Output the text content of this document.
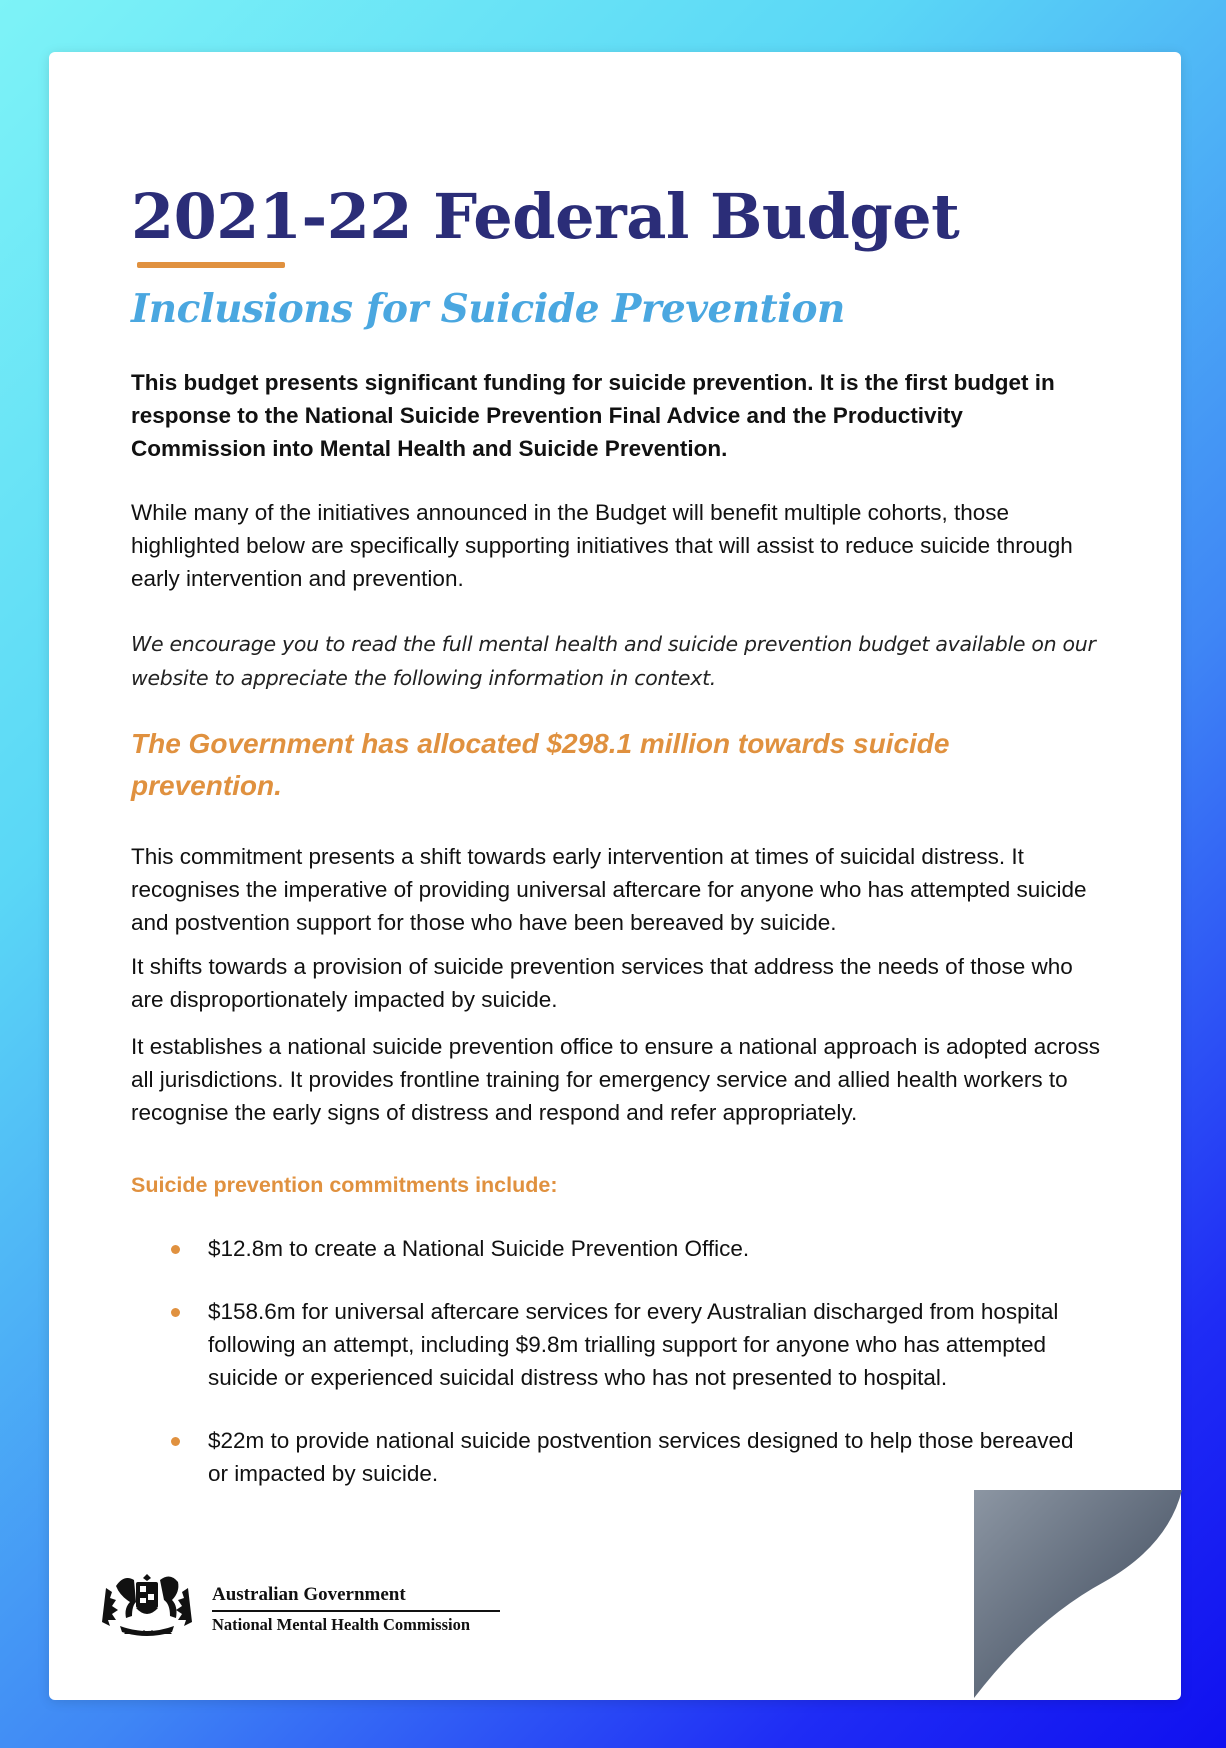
2021-22 Federal Budget
Inclusions for Suicide Prevention

This budget presents significant funding for suicide prevention. It is the first budget in response to the National Suicide Prevention Final Advice and the Productivity Commission into Mental Health and Suicide Prevention.

While many of the initiatives announced in the Budget will benefit multiple cohorts, those highlighted below are specifically supporting initiatives that will assist to reduce suicide through early intervention and prevention.

We encourage you to read the full mental health and suicide prevention budget available on our website to appreciate the following information in context.

The Government has allocated $298.1 million towards suicide prevention.

This commitment presents a shift towards early intervention at times of suicidal distress. It recognises the imperative of providing universal aftercare for anyone who has attempted suicide and postvention support for those who have been bereaved by suicide.

It shifts towards a provision of suicide prevention services that address the needs of those who are disproportionately impacted by suicide.

It establishes a national suicide prevention office to ensure a national approach is adopted across all jurisdictions. It provides frontline training for emergency service and allied health workers to recognise the early signs of distress and respond and refer appropriately.

Suicide prevention commitments include:
$12.8m to create a National Suicide Prevention Office.
$158.6m for universal aftercare services for every Australian discharged from hospital following an attempt, including $9.8m trialling support for anyone who has attempted suicide or experienced suicidal distress who has not presented to hospital.
$22m to provide national suicide postvention services designed to help those bereaved or impacted by suicide.
Australian Government
National Mental Health Commission
